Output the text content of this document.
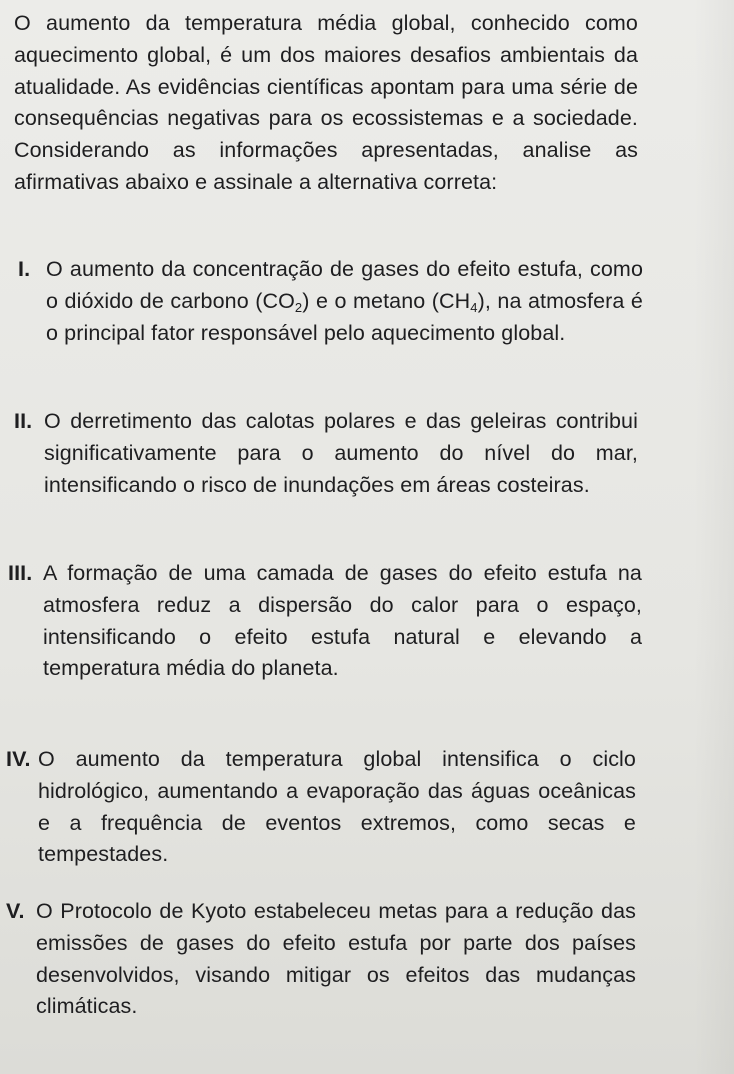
O aumento da temperatura média global, conhecido como aquecimento global, é um dos maiores desafios ambientais da atualidade. As evidências científicas apontam para uma série de consequências negativas para os ecossistemas e a sociedade. Considerando as informações apresentadas, analise as afirmativas abaixo e assinale a alternativa correta:

I. O aumento da concentração de gases do efeito estufa, como o dióxido de carbono $(CO_2)$ e o metano $(CH_4)$, na atmosfera é o principal fator responsável pelo aquecimento global.
II. O derretimento das calotas polares e das geleiras contribui significativamente para o aumento do nível do mar, intensificando o risco de inundações em áreas costeiras.
III. A formação de uma camada de gases do efeito estufa na atmosfera reduz a dispersão do calor para o espaço, intensificando o efeito estufa natural e elevando a temperatura média do planeta.
IV. O aumento da temperatura global intensifica o ciclo hidrológico, aumentando a evaporação das águas oceânicas e a frequência de eventos extremos, como secas e tempestades.
V. O Protocolo de Kyoto estabeleceu metas para a redução das emissões de gases do efeito estufa por parte dos países desenvolvidos, visando mitigar os efeitos das mudanças climáticas.
